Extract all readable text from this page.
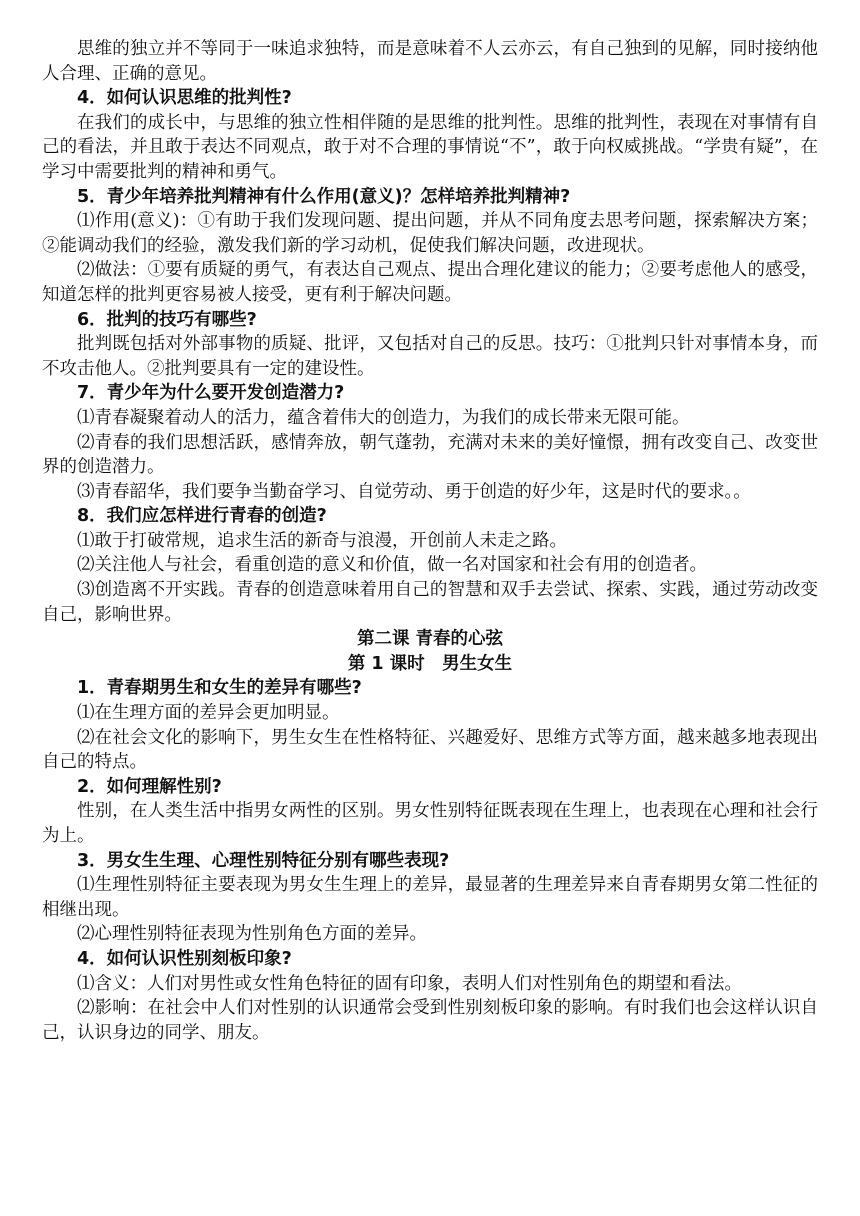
思维的独立并不等同于一味追求独特，而是意味着不人云亦云，有自己独到的见解，同时接纳他人合理、正确的意见。

4．如何认识思维的批判性?

在我们的成长中，与思维的独立性相伴随的是思维的批判性。思维的批判性，表现在对事情有自己的看法，并且敢于表达不同观点，敢于对不合理的事情说“不”，敢于向权威挑战。“学贵有疑”，在学习中需要批判的精神和勇气。

5．青少年培养批判精神有什么作用(意义)？怎样培养批判精神?

⑴作用(意义)：①有助于我们发现问题、提出问题，并从不同角度去思考问题，探索解决方案；②能调动我们的经验，激发我们新的学习动机，促使我们解决问题，改进现状。

⑵做法：①要有质疑的勇气，有表达自己观点、提出合理化建议的能力；②要考虑他人的感受，知道怎样的批判更容易被人接受，更有利于解决问题。

6．批判的技巧有哪些?

批判既包括对外部事物的质疑、批评，又包括对自己的反思。技巧：①批判只针对事情本身，而不攻击他人。②批判要具有一定的建设性。

7．青少年为什么要开发创造潜力?

⑴青春凝聚着动人的活力，蕴含着伟大的创造力，为我们的成长带来无限可能。

⑵青春的我们思想活跃，感情奔放，朝气蓬勃，充满对未来的美好憧憬，拥有改变自己、改变世界的创造潜力。

⑶青春韶华，我们要争当勤奋学习、自觉劳动、勇于创造的好少年，这是时代的要求。。

8．我们应怎样进行青春的创造?

⑴敢于打破常规，追求生活的新奇与浪漫，开创前人未走之路。

⑵关注他人与社会，看重创造的意义和价值，做一名对国家和社会有用的创造者。

⑶创造离不开实践。青春的创造意味着用自己的智慧和双手去尝试、探索、实践，通过劳动改变自己，影响世界。

第二课 青春的心弦

第 1 课时　男生女生

1．青春期男生和女生的差异有哪些?

⑴在生理方面的差异会更加明显。

⑵在社会文化的影响下，男生女生在性格特征、兴趣爱好、思维方式等方面，越来越多地表现出自己的特点。

2．如何理解性别?

性别，在人类生活中指男女两性的区别。男女性别特征既表现在生理上，也表现在心理和社会行为上。

3．男女生生理、心理性别特征分别有哪些表现?

⑴生理性别特征主要表现为男女生生理上的差异，最显著的生理差异来自青春期男女第二性征的相继出现。

⑵心理性别特征表现为性别角色方面的差异。

4．如何认识性别刻板印象?

⑴含义：人们对男性或女性角色特征的固有印象，表明人们对性别角色的期望和看法。

⑵影响：在社会中人们对性别的认识通常会受到性别刻板印象的影响。有时我们也会这样认识自己，认识身边的同学、朋友。
